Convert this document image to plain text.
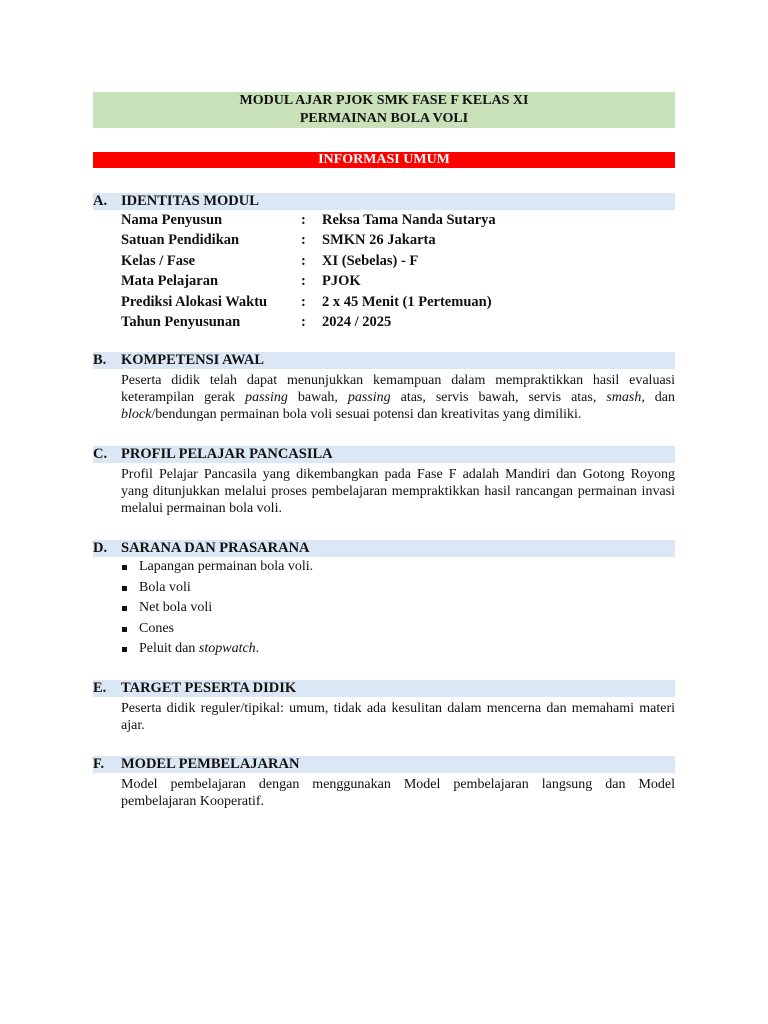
MODUL AJAR PJOK SMK FASE F KELAS XI
PERMAINAN BOLA VOLI
INFORMASI UMUM
A. IDENTITAS MODUL
Nama Penyusun	:	Reksa Tama Nanda Sutarya
Satuan Pendidikan	:	SMKN 26 Jakarta
Kelas / Fase	:	XI (Sebelas) - F
Mata Pelajaran	:	PJOK
Prediksi Alokasi Waktu	:	2 x 45 Menit (1 Pertemuan)
Tahun Penyusunan	:	2024 / 2025
B.	KOMPETENSI AWAL
Peserta didik telah dapat menunjukkan kemampuan dalam mempraktikkan hasil evaluasi keterampilan gerak passing bawah, passing atas, servis bawah, servis atas, smash, dan block/bendungan permainan bola voli sesuai potensi dan kreativitas yang dimiliki.
C. PROFIL PELAJAR PANCASILA
Profil Pelajar Pancasila yang dikembangkan pada Fase F adalah Mandiri dan Gotong Royong yang ditunjukkan melalui proses pembelajaran mempraktikkan hasil rancangan permainan invasi melalui permainan bola voli.
D. SARANA DAN PRASARANA
Lapangan permainan bola voli.
Bola voli
Net bola voli
Cones
Peluit dan stopwatch.
E.	TARGET PESERTA DIDIK
Peserta didik reguler/tipikal: umum, tidak ada kesulitan dalam mencerna dan memahami materi ajar.
F.	MODEL PEMBELAJARAN
Model pembelajaran dengan menggunakan Model pembelajaran langsung dan Model pembelajaran Kooperatif.
